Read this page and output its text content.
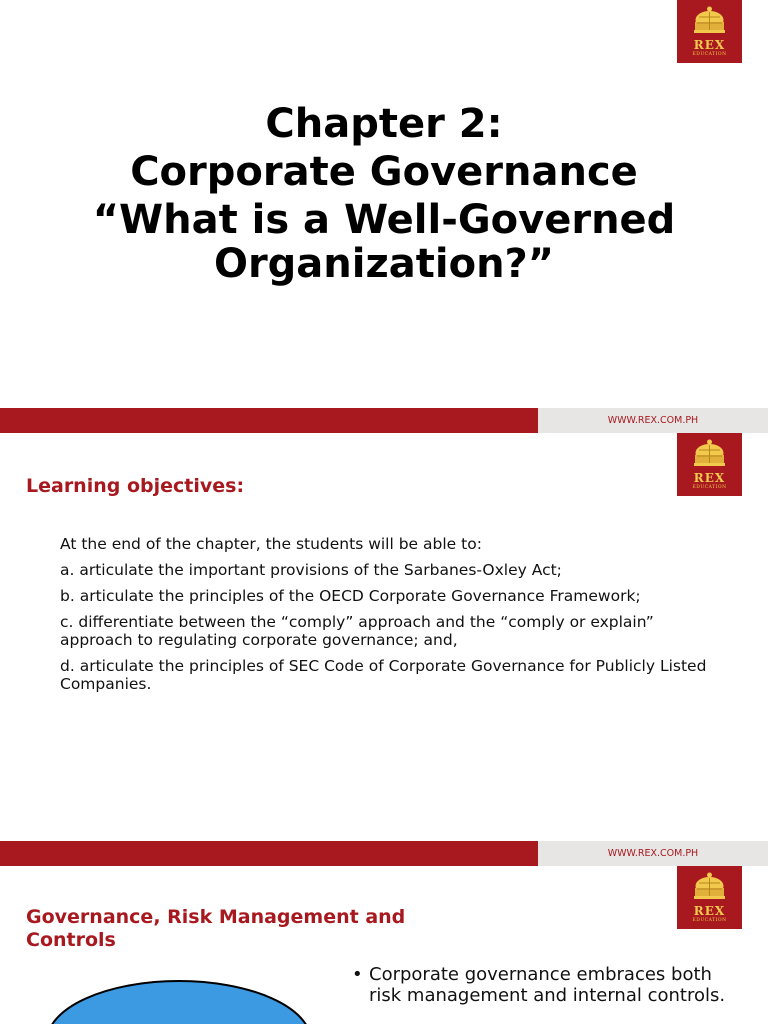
REX
EDUCATION
Chapter 2:
Corporate Governance
“What is a Well-Governed
Organization?”
WWW.REX.COM.PH
REX
EDUCATION
Learning objectives:

At the end of the chapter, the students will be able to:

a. articulate the important provisions of the Sarbanes-Oxley Act;

b. articulate the principles of the OECD Corporate Governance Framework;

c. differentiate between the “comply” approach and the “comply or explain” approach to regulating corporate governance; and,

d. articulate the principles of SEC Code of Corporate Governance for Publicly Listed Companies.

WWW.REX.COM.PH
REX
EDUCATION
Governance, Risk Management and Controls
• Corporate governance embraces both risk management and internal controls.
